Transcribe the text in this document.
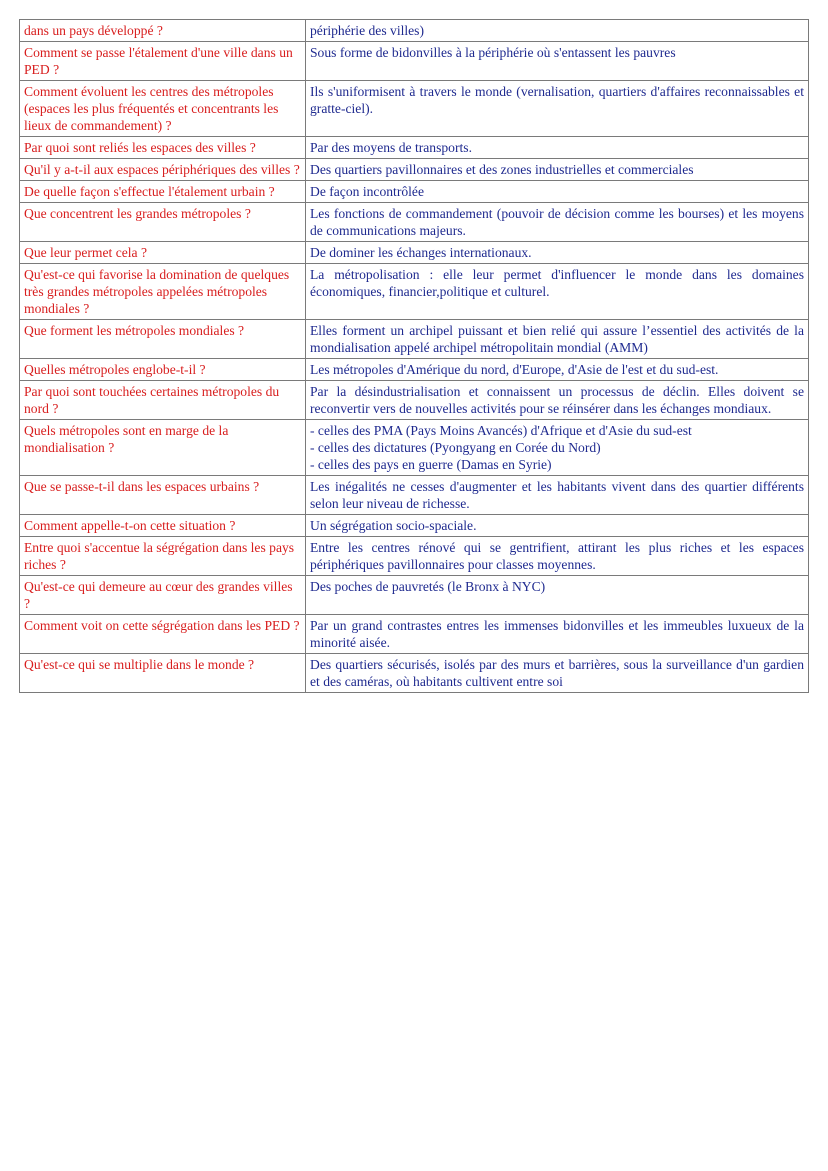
dans un pays développé ?	périphérie des villes)
Comment se passe l'étalement d'une ville dans un PED ?	Sous forme de bidonvilles à la périphérie où s'entassent les pauvres
Comment évoluent les centres des métropoles (espaces les plus fréquentés et concentrants les lieux de commandement) ?	Ils s'uniformisent à travers le monde (vernalisation, quartiers d'affaires reconnaissables et gratte-ciel).
Par quoi sont reliés les espaces des villes ?	Par des moyens de transports.
Qu'il y a-t-il aux espaces périphériques des villes ?	Des quartiers pavillonnaires et des zones industrielles et commerciales
De quelle façon s'effectue l'étalement urbain ?	De façon incontrôlée
Que concentrent les grandes métropoles ?	Les fonctions de commandement (pouvoir de décision comme les bourses) et les moyens de communications majeurs.
Que leur permet cela ?	De dominer les échanges internationaux.
Qu'est-ce qui favorise la domination de quelques très grandes métropoles appelées métropoles mondiales ?	La métropolisation : elle leur permet d'influencer le monde dans les domaines économiques, financier,politique et culturel.
Que forment les métropoles mondiales ?	Elles forment un archipel puissant et bien relié qui assure l’essentiel des activités de la mondialisation appelé archipel métropolitain mondial (AMM)
Quelles métropoles englobe-t-il ?	Les métropoles d'Amérique du nord, d'Europe, d'Asie de l'est et du sud-est.
Par quoi sont touchées certaines métropoles du nord ?	Par la désindustrialisation et connaissent un processus de déclin. Elles doivent se reconvertir vers de nouvelles activités pour se réinsérer dans les échanges mondiaux.
Quels métropoles sont en marge de la mondialisation ?	- celles des PMA (Pays Moins Avancés) d'Afrique et d'Asie du sud-est
- celles des dictatures (Pyongyang en Corée du Nord)
- celles des pays en guerre (Damas en Syrie)

Que se passe-t-il dans les espaces urbains ?	Les inégalités ne cesses d'augmenter et les habitants vivent dans des quartier différents selon leur niveau de richesse.
Comment appelle-t-on cette situation ?	Un ségrégation socio-spaciale.
Entre quoi s'accentue la ségrégation dans les pays riches ?	Entre les centres rénové qui se gentrifient, attirant les plus riches et les espaces périphériques pavillonnaires pour classes moyennes.
Qu'est-ce qui demeure au cœur des grandes villes ?	Des poches de pauvretés (le Bronx à NYC)
Comment voit on cette ségrégation dans les PED ?	Par un grand contrastes entres les immenses bidonvilles et les immeubles luxueux de la minorité aisée.
Qu'est-ce qui se multiplie dans le monde ?	Des quartiers sécurisés, isolés par des murs et barrières, sous la surveillance d'un gardien et des caméras, où habitants cultivent entre soi
